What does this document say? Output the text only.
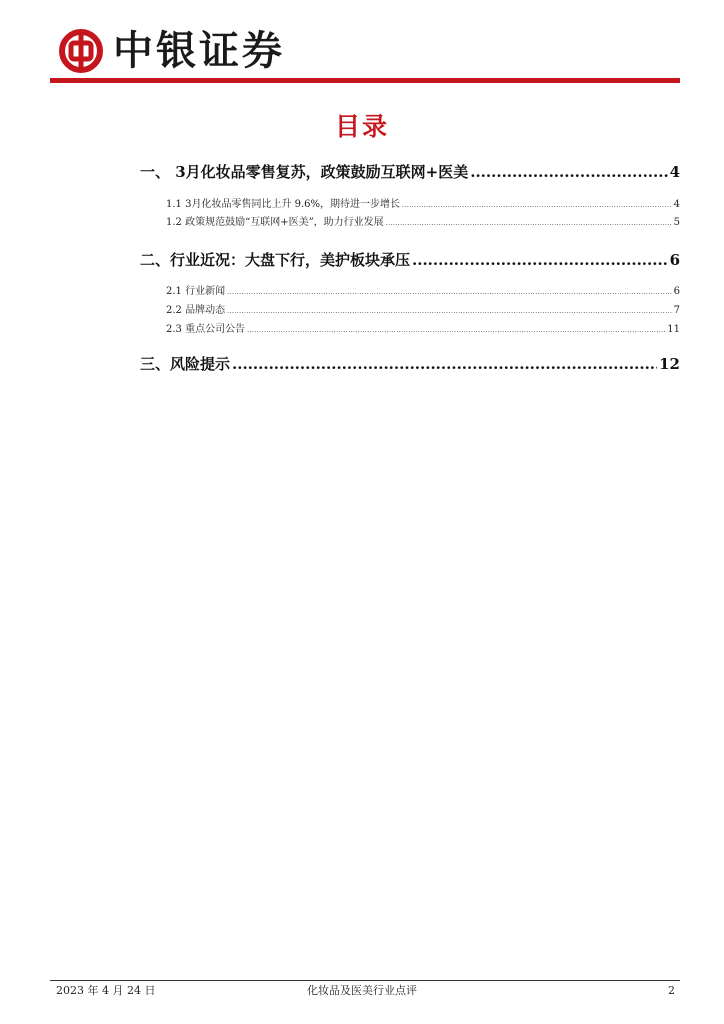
中银证券
目录
一、 3月化妆品零售复苏，政策鼓励互联网+医美 .....	4
1.1 3月化妆品零售同比上升 9.6%，期待进一步增长 .....	4
1.2 政策规范鼓励“互联网+医美”，助力行业发展 .....	5
二、行业近况：大盘下行，美护板块承压 .....	6
2.1 行业新闻 .....	6
2.2 品牌动态 .....	7
2.3 重点公司公告 .....	11
三、风险提示 .....	12
2023 年 4 月 24 日	化妆品及医美行业点评	2
